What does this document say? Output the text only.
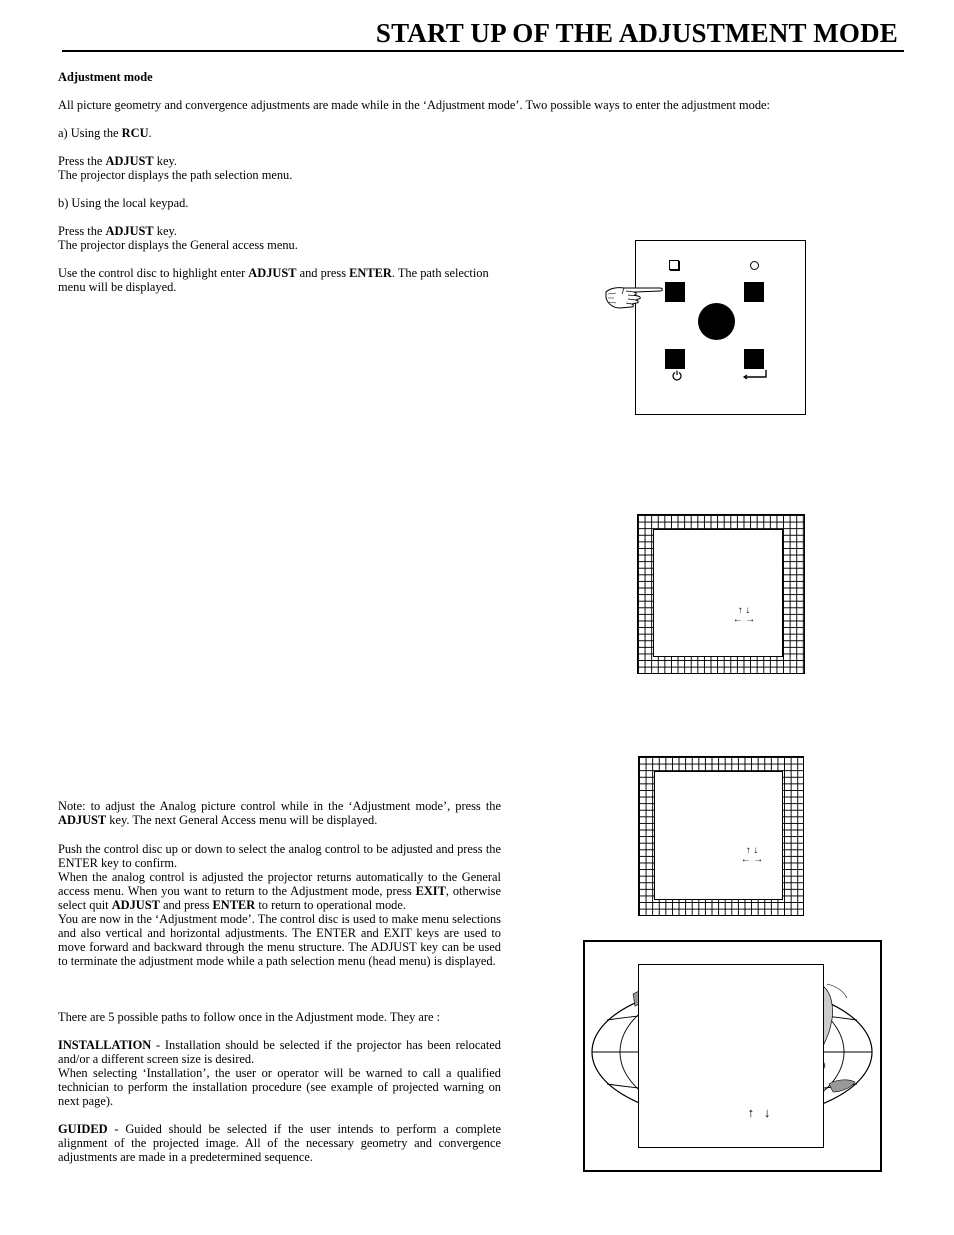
START UP OF THE ADJUSTMENT MODE
Adjustment mode
All picture geometry and convergence adjustments are made while in the ‘Adjustment mode’. Two possible ways to enter the adjustment mode:
a) Using the RCU.
Press the ADJUST key.
The projector displays the path selection menu.
b) Using the local keypad.
Press the ADJUST key.
The projector displays the General access menu.
Use the control disc to highlight enter ADJUST and press ENTER. The path selection menu will be displayed.
↑ ↓
← →
↑ ↓
← →
Note: to adjust the Analog picture control while in the ‘Adjustment mode’, press the ADJUST key. The next General Access menu will be displayed.
Push the control disc up or down to select the analog control to be adjusted and press the ENTER key to confirm.
When the analog control is adjusted the projector returns automatically to the General access menu. When you want to return to the Adjustment mode, press EXIT, otherwise select quit ADJUST and press ENTER to return to operational mode.
You are now in the ‘Adjustment mode’. The control disc is used to make menu selections and also vertical and horizontal adjustments. The ENTER and EXIT keys are used to move forward and backward through the menu structure. The ADJUST key can be used to terminate the adjustment mode while a path selection menu (head menu) is displayed.
There are 5 possible paths to follow once in the Adjustment mode. They are :
INSTALLATION - Installation should be selected if the projector has been relocated and/or a different screen size is desired.
When selecting ‘Installation’, the user or operator will be warned to call a qualified technician to perform the installation procedure (see example of projected warning on next page).
GUIDED - Guided should be selected if the user intends to perform a complete alignment of the projected image. All of the necessary geometry and convergence adjustments are made in a predetermined sequence.
↑   ↓
